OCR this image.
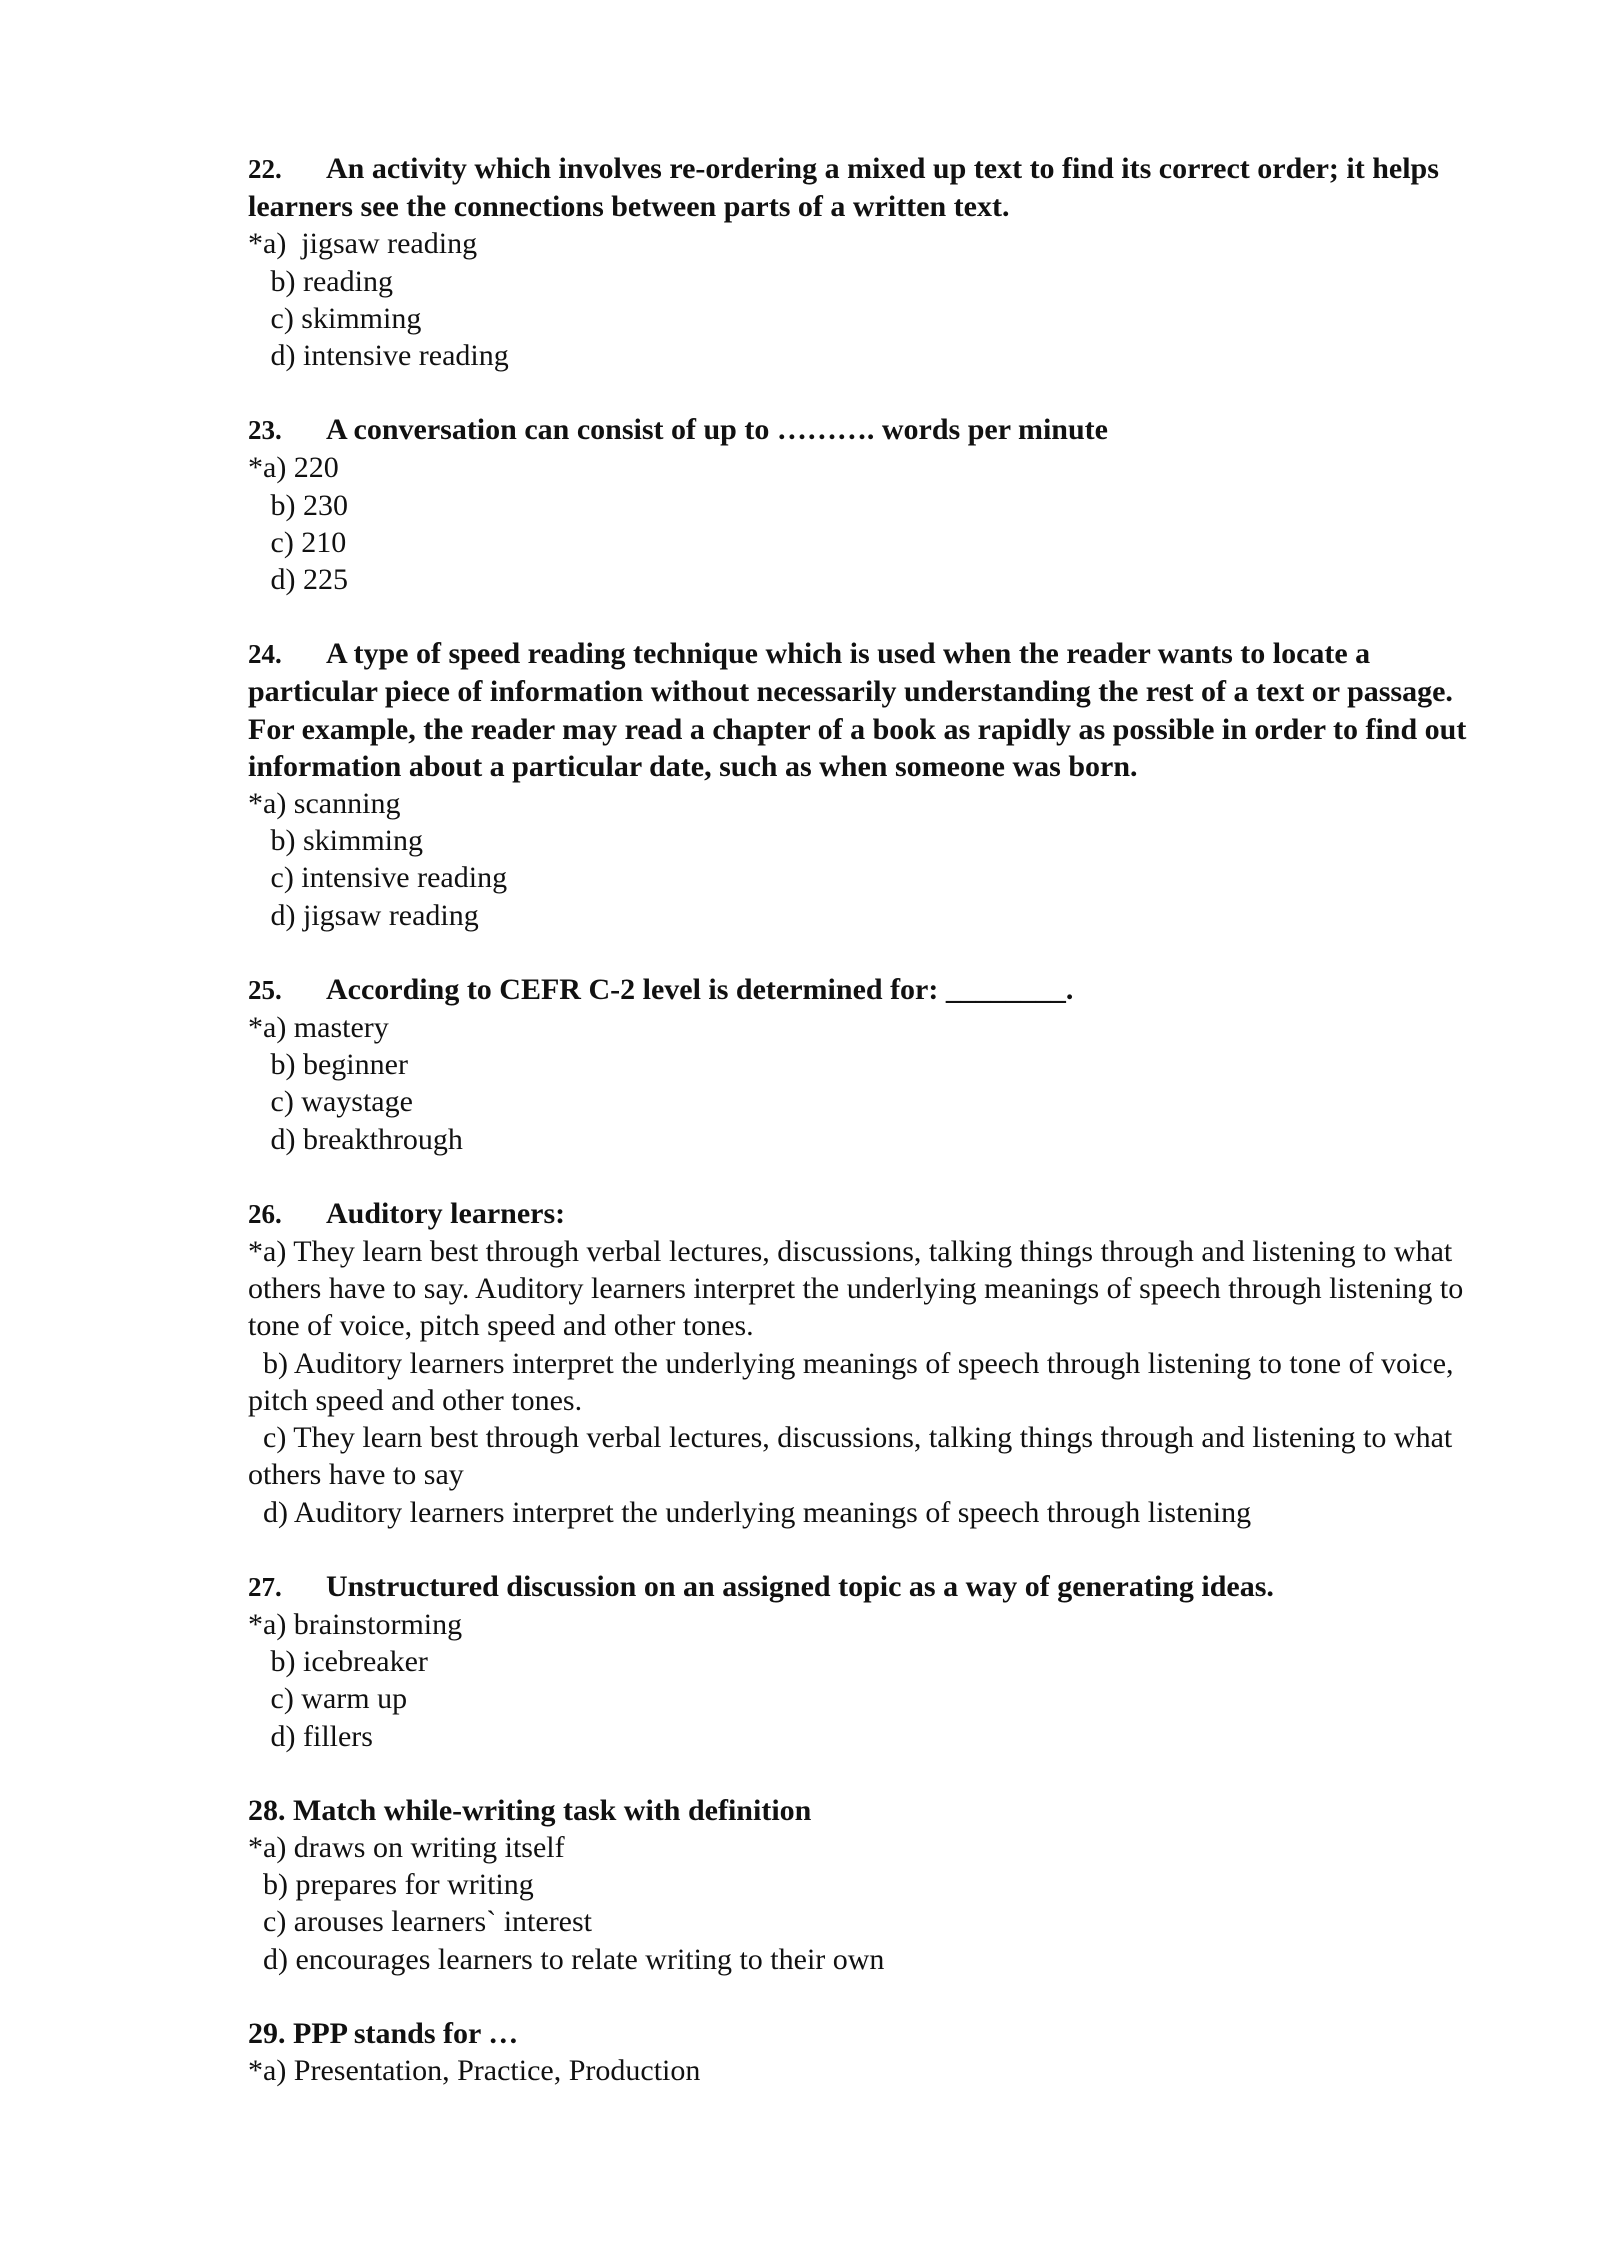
22. An activity which involves re-ordering a mixed up text to find its correct order; it helps learners see the connections between parts of a written text.

*a)  jigsaw reading

b) reading

c) skimming

d) intensive reading

23. A conversation can consist of up to ………. words per minute

*a) 220

b) 230

c) 210

d) 225

24. A type of speed reading technique which is used when the reader wants to locate a particular piece of information without necessarily understanding the rest of a text or passage. For example, the reader may read a chapter of a book as rapidly as possible in order to find out information about a particular date, such as when someone was born.

*a) scanning

b) skimming

c) intensive reading

d) jigsaw reading

25. According to CEFR C-2 level is determined for: ________.

*a) mastery

b) beginner

c) waystage

d) breakthrough

26. Auditory learners:

*a) They learn best through verbal lectures, discussions, talking things through and listening to what others have to say. Auditory learners interpret the underlying meanings of speech through listening to tone of voice, pitch speed and other tones.

b) Auditory learners interpret the underlying meanings of speech through listening to tone of voice, pitch speed and other tones.

c) They learn best through verbal lectures, discussions, talking things through and listening to what others have to say

d) Auditory learners interpret the underlying meanings of speech through listening

27. Unstructured discussion on an assigned topic as a way of generating ideas.

*a) brainstorming

b) icebreaker

c) warm up

d) fillers

28. Match while-writing task with definition

*a) draws on writing itself

b) prepares for writing

c) arouses learners` interest

d) encourages learners to relate writing to their own

29. PPP stands for …

*a) Presentation, Practice, Production
